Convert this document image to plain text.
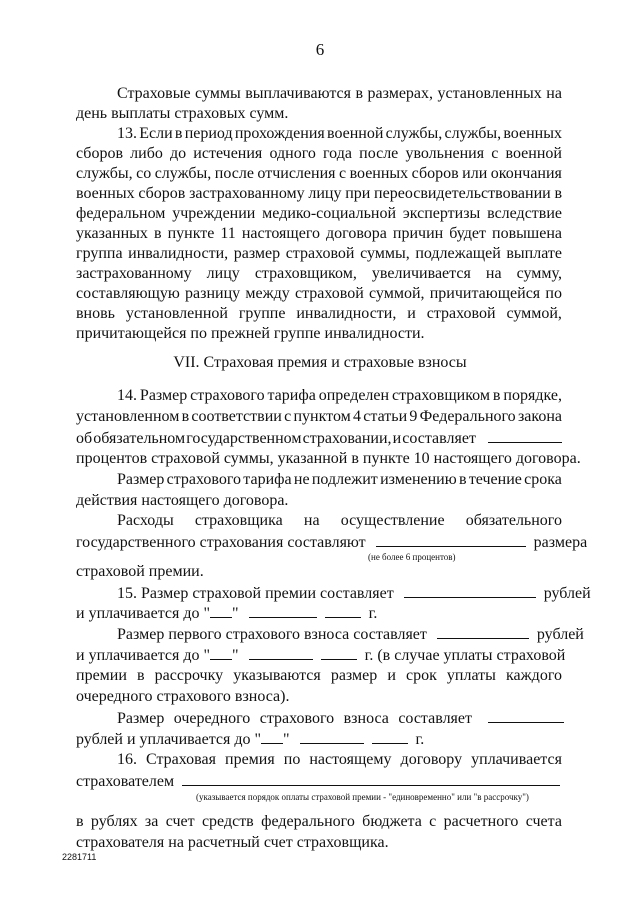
6
Страховые суммы выплачиваются в размерах, установленных на
день выплаты страховых сумм.
13. Если в период прохождения военной службы, службы, военных
сборов либо до истечения одного года после увольнения с военной
службы, со службы, после отчисления с военных сборов или окончания
военных сборов застрахованному лицу при переосвидетельствовании в
федеральном учреждении медико-социальной экспертизы вследствие
указанных в пункте 11 настоящего договора причин будет повышена
группа инвалидности, размер страховой суммы, подлежащей выплате
застрахованному лицу страховщиком, увеличивается на сумму,
составляющую разницу между страховой суммой, причитающейся по
вновь установленной группе инвалидности, и страховой суммой,
причитающейся по прежней группе инвалидности.
VII. Страховая премия и страховые взносы
14. Размер страхового тарифа определен страховщиком в порядке,
установленном в соответствии с пунктом 4 статьи 9 Федерального закона
об обязательном государственном страховании, и составляет

процентов страховой суммы, указанной в пункте 10 настоящего договора.
Размер страхового тарифа не подлежит изменению в течение срока
действия настоящего договора.
Расходы страховщика на осуществление обязательного
государственного страхования составляют	размера
(не более 6 процентов)
страховой премии.
15. Размер страховой премии составляет	рублей
и уплачивается до " "	г.
Размер первого страхового взноса составляет	рублей
и уплачивается до " "	г. (в случае уплаты страховой
премии в рассрочку указываются размер и срок уплаты каждого
очередного страхового взноса).
Размер очередного страхового взноса составляет

рублей и уплачивается до " "	г.
16. Страховая премия по настоящему договору уплачивается
страхователем
(указывается порядок оплаты страховой премии - "единовременно" или "в рассрочку")
в рублях за счет средств федерального бюджета с расчетного счета
страхователя на расчетный счет страховщика.
2281711
